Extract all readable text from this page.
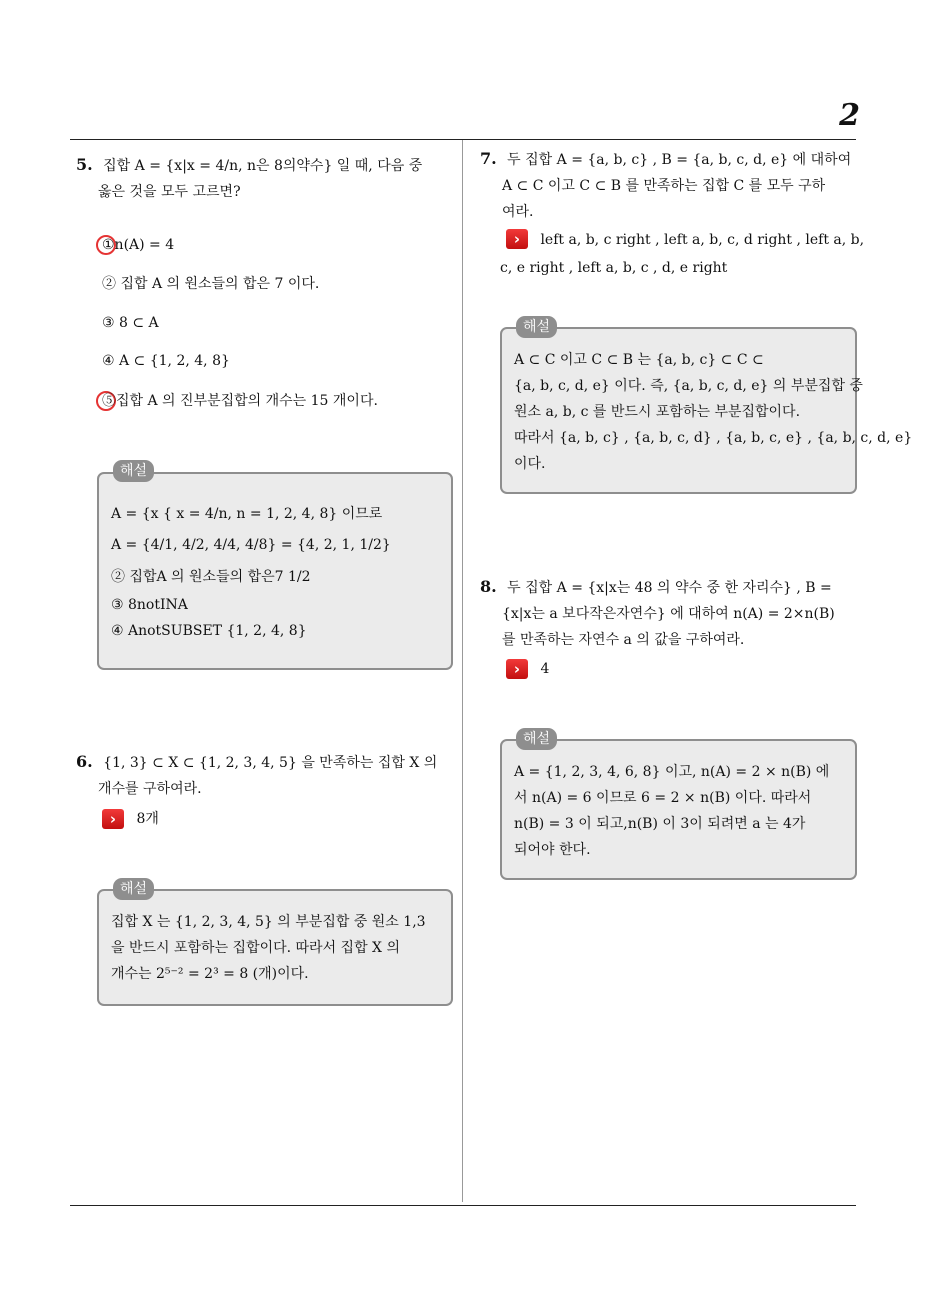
2
5. 집합 A = {x|x = 4/n, n은 8의약수} 일 때, 다음 중
옳은 것을 모두 고르면?
①n(A) = 4
② 집합 A 의 원소들의 합은 7 이다.
③ 8 ⊂ A
④ A ⊂ {1, 2, 4, 8}
⑤집합 A 의 진부분집합의 개수는 15 개이다.
해설
A = {x { x = 4/n, n = 1, 2, 4, 8} 이므로
A = {4/1, 4/2, 4/4, 4/8} = {4, 2, 1, 1/2}
② 집합A 의 원소들의 합은7 1/2
③ 8notINA
④ AnotSUBSET {1, 2, 4, 8}
6. {1, 3} ⊂ X ⊂ {1, 2, 3, 4, 5} 을 만족하는 집합 X 의
개수를 구하여라.
› 8개
해설
집합 X 는 {1, 2, 3, 4, 5} 의 부분집합 중 원소 1,3
을 반드시 포함하는 집합이다. 따라서 집합 X 의
개수는 2⁵⁻² = 2³ = 8 (개)이다.
7. 두 집합 A = {a, b, c} , B = {a, b, c, d, e} 에 대하여
A ⊂ C 이고 C ⊂ B 를 만족하는 집합 C 를 모두 구하
여라.
› left a, b, c right , left a, b, c, d right , left a, b,
c, e right , left a, b, c , d, e right
해설
A ⊂ C 이고 C ⊂ B 는 {a, b, c} ⊂ C ⊂
{a, b, c, d, e} 이다. 즉, {a, b, c, d, e} 의 부분집합 중
원소 a, b, c 를 반드시 포함하는 부분집합이다.
따라서 {a, b, c} , {a, b, c, d} , {a, b, c, e} , {a, b, c, d, e}
이다.
8. 두 집합 A = {x|x는 48 의 약수 중 한 자리수} , B =
{x|x는 a 보다작은자연수} 에 대하여 n(A) = 2×n(B)
를 만족하는 자연수 a 의 값을 구하여라.
› 4
해설
A = {1, 2, 3, 4, 6, 8} 이고, n(A) = 2 × n(B) 에
서 n(A) = 6 이므로 6 = 2 × n(B) 이다. 따라서
n(B) = 3 이 되고,n(B) 이 3이 되려면 a 는 4가
되어야 한다.
